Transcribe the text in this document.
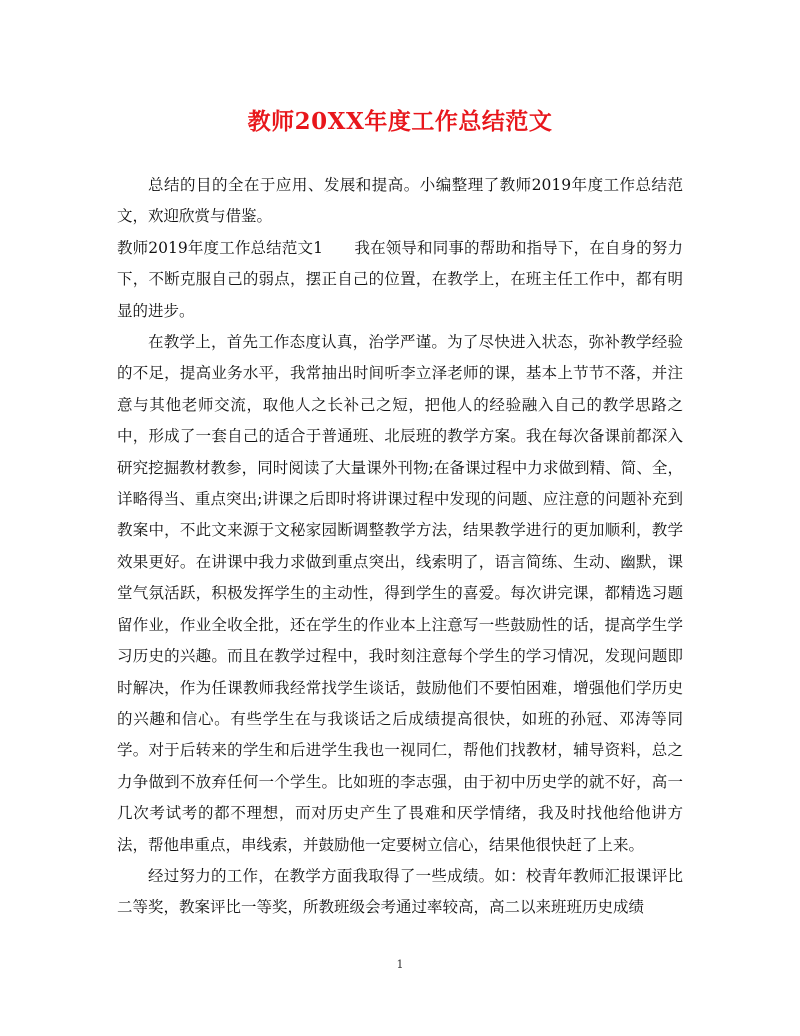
教师20XX年度工作总结范文

总结的目的全在于应用、发展和提高。小编整理了教师2019年度工作总结范文，欢迎欣赏与借鉴。

教师2019年度工作总结范文1　　我在领导和同事的帮助和指导下，在自身的努力下，不断克服自己的弱点，摆正自己的位置，在教学上，在班主任工作中，都有明显的进步。

在教学上，首先工作态度认真，治学严谨。为了尽快进入状态，弥补教学经验的不足，提高业务水平，我常抽出时间听李立泽老师的课，基本上节节不落，并注意与其他老师交流，取他人之长补己之短，把他人的经验融入自己的教学思路之中，形成了一套自己的适合于普通班、北辰班的教学方案。我在每次备课前都深入研究挖掘教材教参，同时阅读了大量课外刊物;在备课过程中力求做到精、简、全，详略得当、重点突出;讲课之后即时将讲课过程中发现的问题、应注意的问题补充到教案中，不此文来源于文秘家园断调整教学方法，结果教学进行的更加顺利，教学效果更好。在讲课中我力求做到重点突出，线索明了，语言简练、生动、幽默，课堂气氛活跃，积极发挥学生的主动性，得到学生的喜爱。每次讲完课，都精选习题留作业，作业全收全批，还在学生的作业本上注意写一些鼓励性的话，提高学生学习历史的兴趣。而且在教学过程中，我时刻注意每个学生的学习情况，发现问题即时解决，作为任课教师我经常找学生谈话，鼓励他们不要怕困难，增强他们学历史的兴趣和信心。有些学生在与我谈话之后成绩提高很快，如班的孙冠、邓涛等同学。对于后转来的学生和后进学生我也一视同仁，帮他们找教材，辅导资料，总之力争做到不放弃任何一个学生。比如班的李志强，由于初中历史学的就不好，高一几次考试考的都不理想，而对历史产生了畏难和厌学情绪，我及时找他给他讲方法，帮他串重点，串线索，并鼓励他一定要树立信心，结果他很快赶了上来。

经过努力的工作，在教学方面我取得了一些成绩。如：校青年教师汇报课评比二等奖，教案评比一等奖，所教班级会考通过率较高，高二以来班班历史成绩

1
